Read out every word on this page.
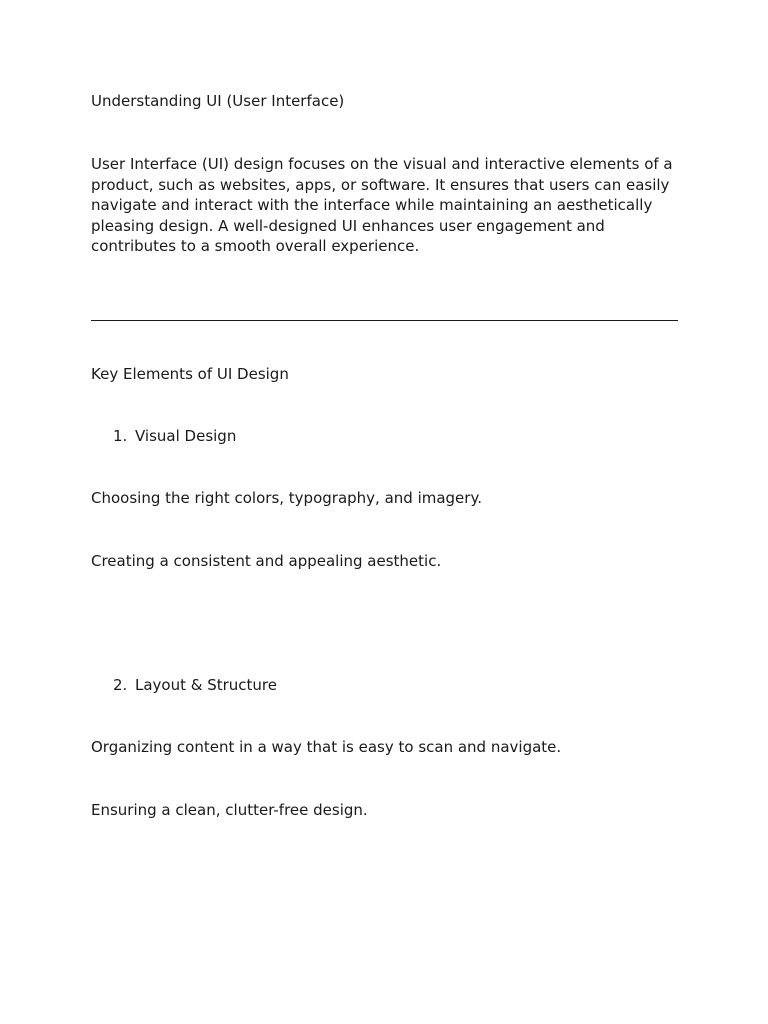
Understanding UI (User Interface)

User Interface (UI) design focuses on the visual and interactive elements of a product, such as websites, apps, or software. It ensures that users can easily navigate and interact with the interface while maintaining an aesthetically pleasing design. A well-designed UI enhances user engagement and contributes to a smooth overall experience.

Key Elements of UI Design

1. Visual Design

Choosing the right colors, typography, and imagery.

Creating a consistent and appealing aesthetic.

2. Layout & Structure

Organizing content in a way that is easy to scan and navigate.

Ensuring a clean, clutter-free design.
